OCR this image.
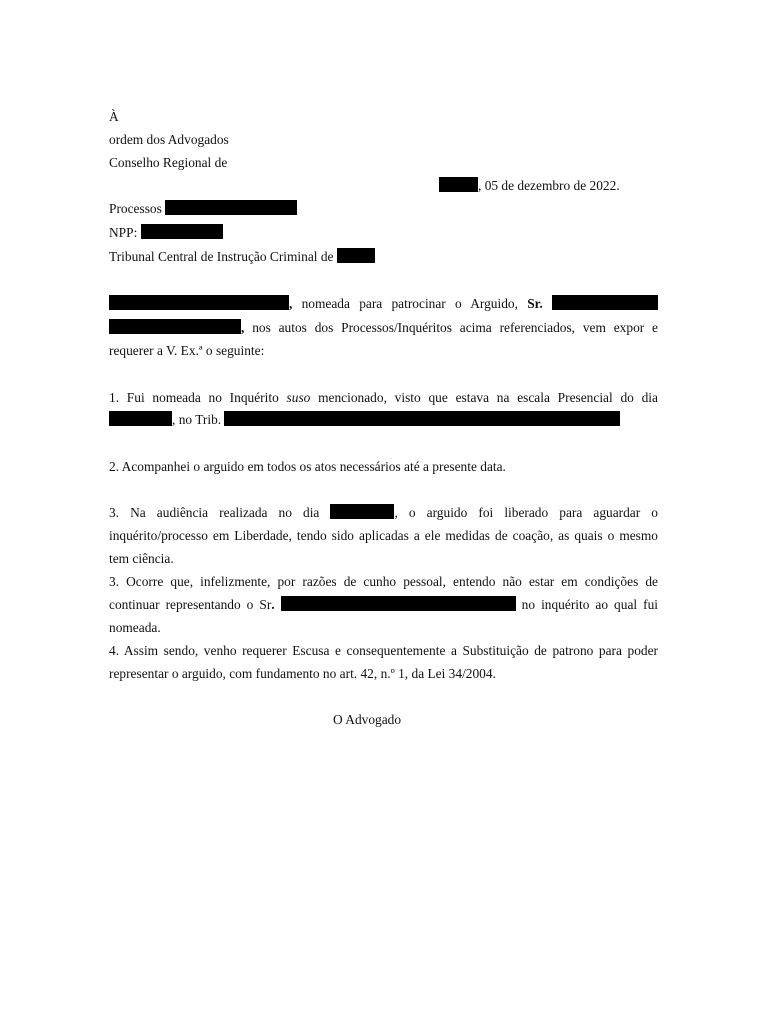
À
ordem dos Advogados
Conselho Regional de
, 05 de dezembro de 2022.
Processos
NPP:
Tribunal Central de Instrução Criminal de
, nomeada para patrocinar o Arguido, Sr.
, nos autos dos Processos/Inquéritos acima referenciados, vem expor e
requerer a V. Ex.ª o seguinte:
1. Fui nomeada no Inquérito suso mencionado, visto que estava na escala Presencial do dia
, no Trib.
2. Acompanhei o arguido em todos os atos necessários até a presente data.
3. Na audiência realizada no dia	, o arguido foi liberado para aguardar o
inquérito/processo em Liberdade, tendo sido aplicadas a ele medidas de coação, as quais o mesmo
tem ciência.
3. Ocorre que, infelizmente, por razões de cunho pessoal, entendo não estar em condições de
continuar representando o Sr.	no inquérito ao qual fui
nomeada.
4. Assim sendo, venho requerer Escusa e consequentemente a Substituição de patrono para poder
representar o arguido, com fundamento no art. 42, n.º 1, da Lei 34/2004.
O Advogado
